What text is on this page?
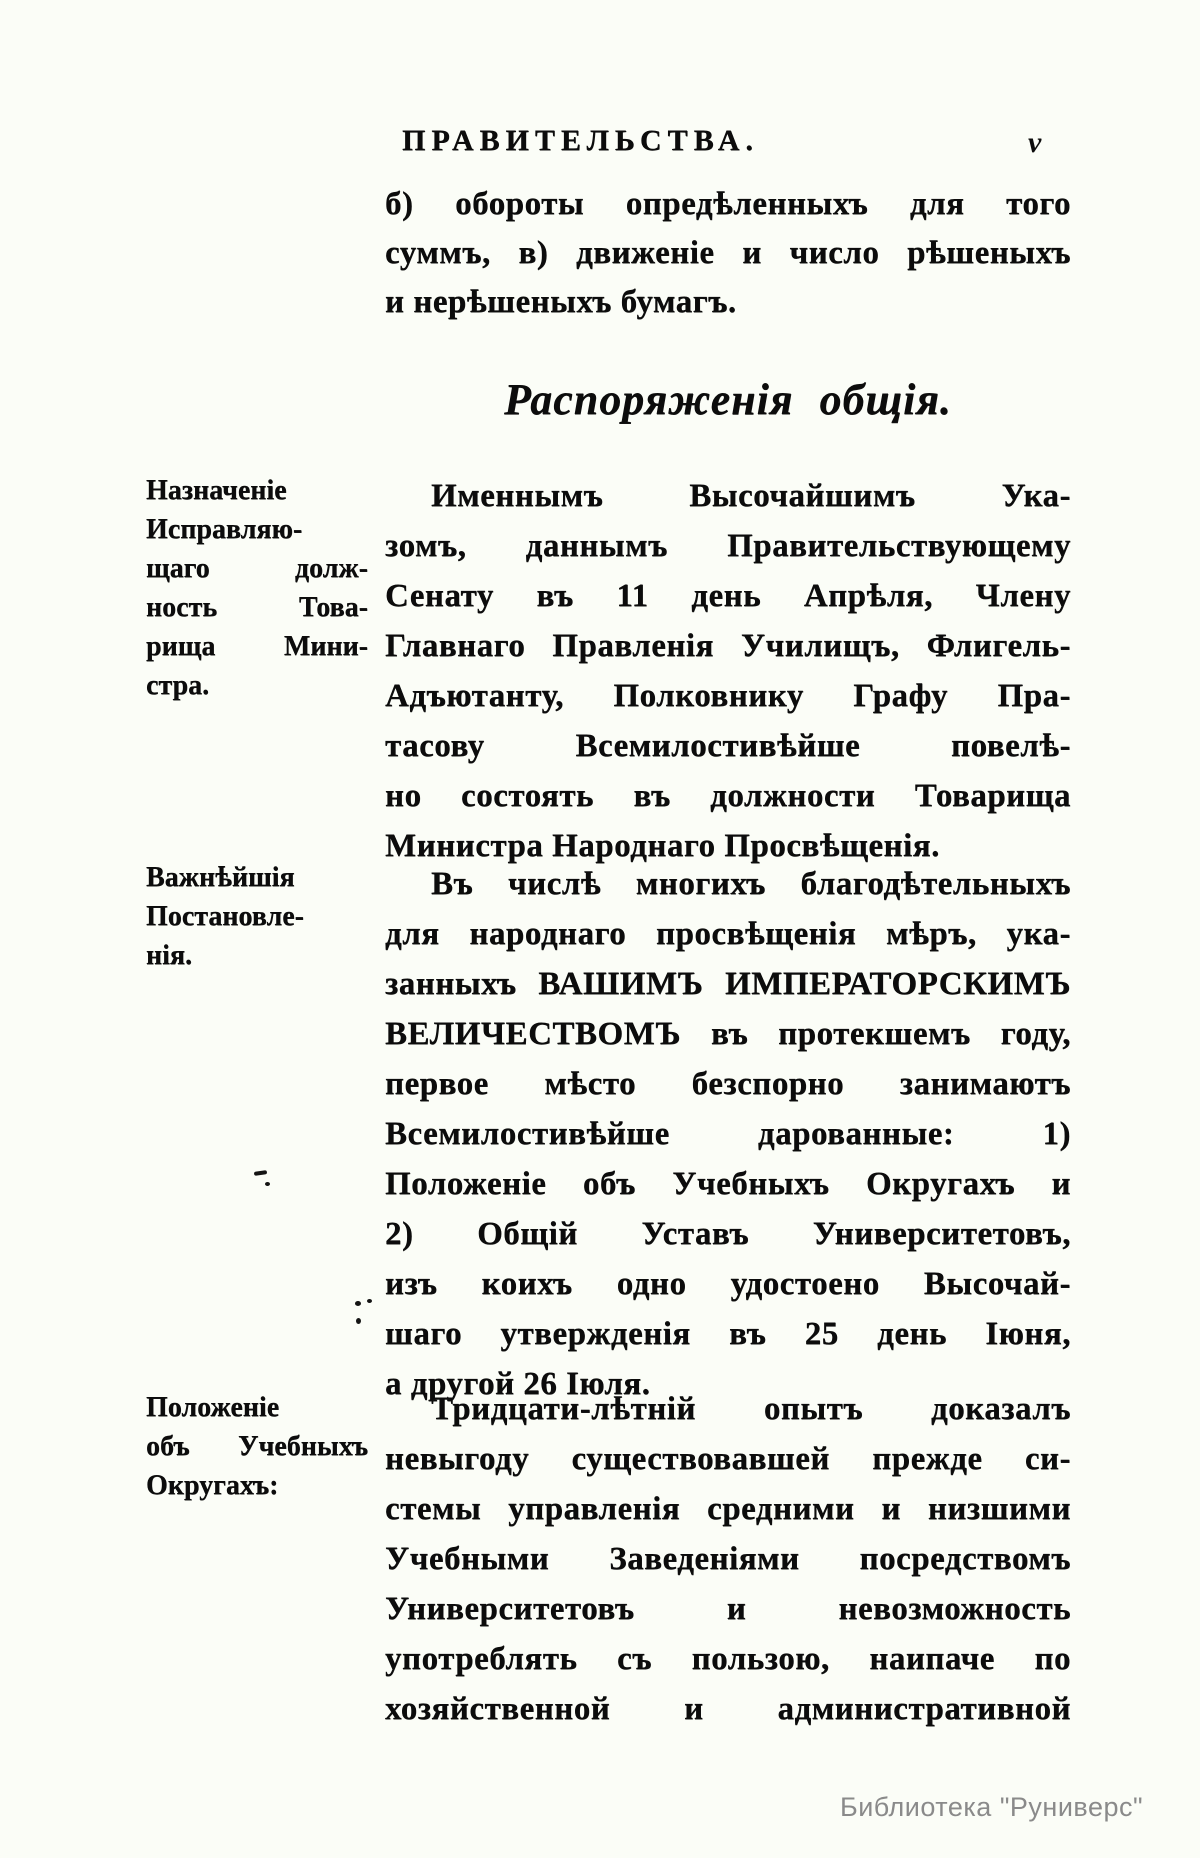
ПРАВИТЕЛЬСТВА.	v
б) обороты опредѣленныхъ для того
суммъ, в) движеніе и число рѣшеныхъ
и нерѣшеныхъ бумагъ.
Распоряженія общія.
Назначеніе
Исправляю-
щаго долж-
ность Това-
рища Мини-
стра.
Важнѣйшія
Постановле-
нія.
Положеніе
объ Учебныхъ
Округахъ:
Именнымъ Высочайшимъ Ука-
зомъ, даннымъ Правительствующему
Сенату въ 11 день Апрѣля, Члену
Главнаго Правленія Училищъ, Флигель-
Адъютанту, Полковнику Графу Пра-
тасову Всемилостивѣйше повелѣ-
но состоять въ должности Товарища
Министра Народнаго Просвѣщенія.
Въ числѣ многихъ благодѣтельныхъ
для народнаго просвѣщенія мѣръ, ука-
занныхъ ВАШИМЪ ИМПЕРАТОРСКИМЪ
ВЕЛИЧЕСТВОМЪ въ протекшемъ году,
первое мѣсто безспорно занимаютъ
Всемилостивѣйше дарованные: 1)
Положеніе объ Учебныхъ Округахъ и
2) Общій Уставъ Университетовъ,
изъ коихъ одно удостоено Высочай-
шаго утвержденія въ 25 день Іюня,
а другой 26 Іюля.
Тридцати-лѣтній опытъ доказалъ
невыгоду существовавшей прежде си-
стемы управленія средними и низшими
Учебными Заведеніями посредствомъ
Университетовъ и невозможность
употреблять съ пользою, наипаче по
хозяйственной и административной
Библиотека "Руниверс"
